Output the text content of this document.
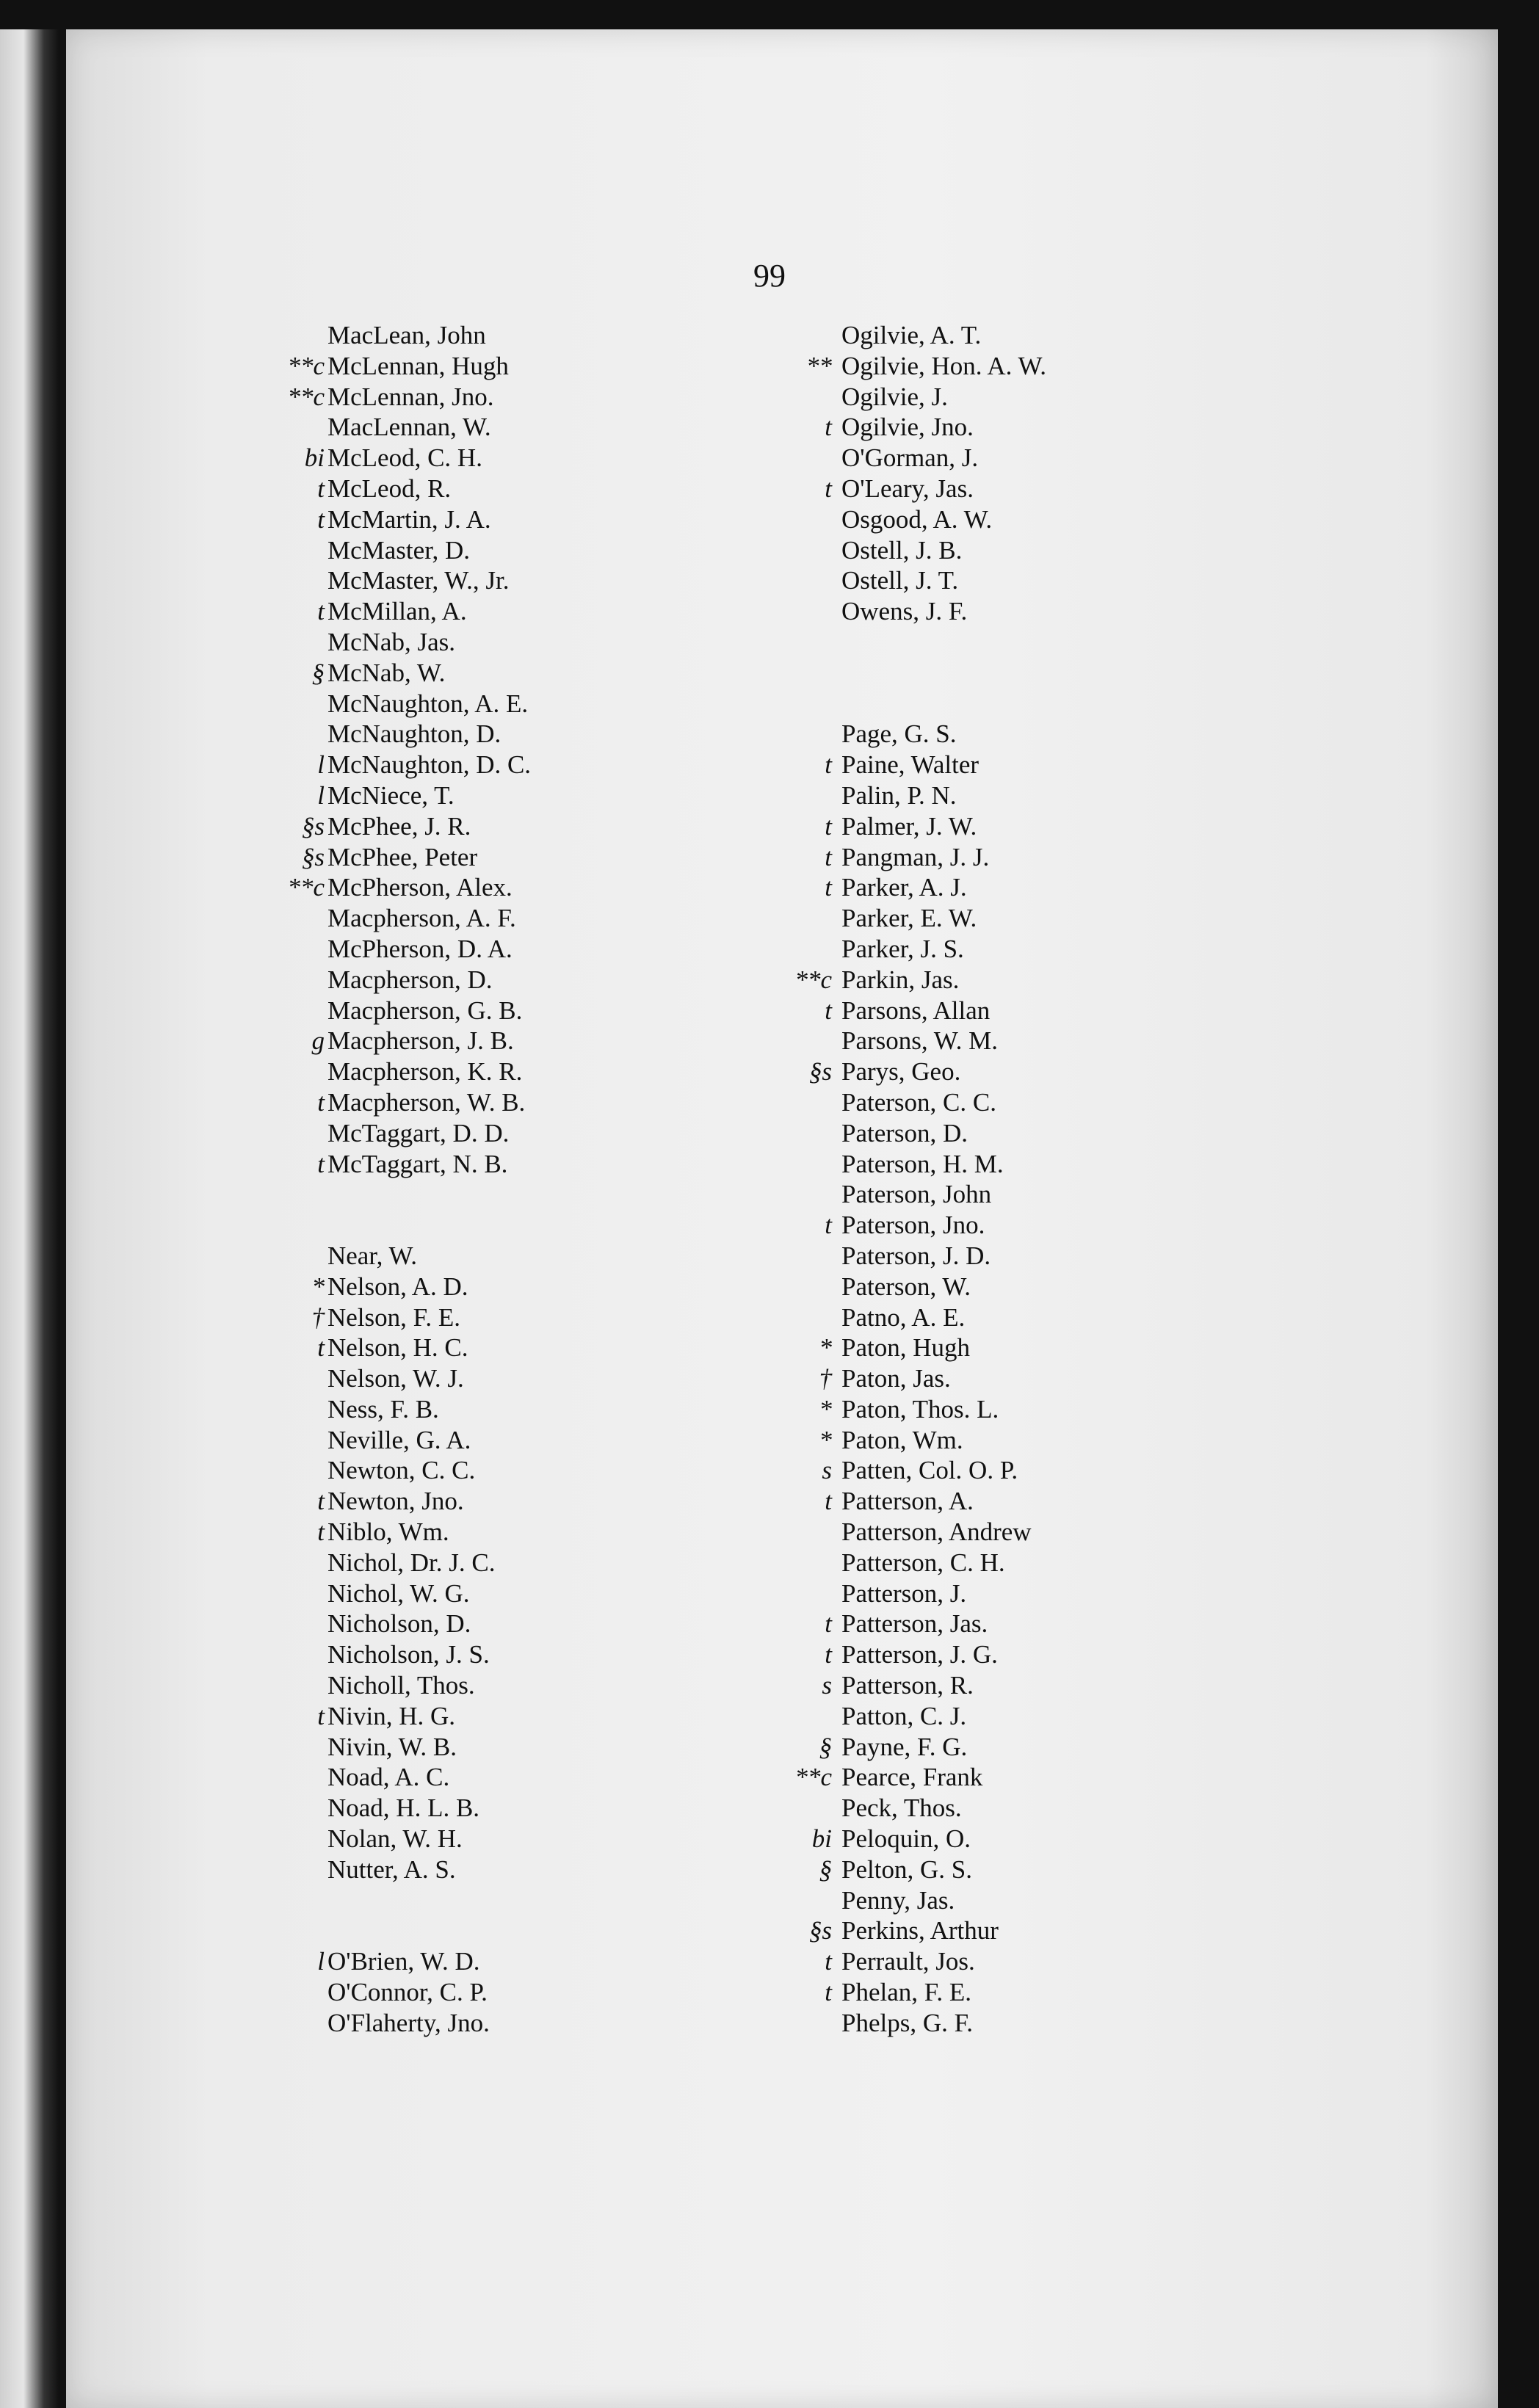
99
MacLean, John
**c McLennan, Hugh
**c McLennan, Jno.
MacLennan, W.
bi McLeod, C. H.
t McLeod, R.
t McMartin, J. A.
McMaster, D.
McMaster, W., Jr.
t McMillan, A.
McNab, Jas.
§ McNab, W.
McNaughton, A. E.
McNaughton, D.
l McNaughton, D. C.
l McNiece, T.
§s McPhee, J. R.
§s McPhee, Peter
**c McPherson, Alex.
Macpherson, A. F.
McPherson, D. A.
Macpherson, D.
Macpherson, G. B.
g Macpherson, J. B.
Macpherson, K. R.
t Macpherson, W. B.
McTaggart, D. D.
t McTaggart, N. B.
Near, W.
* Nelson, A. D.
† Nelson, F. E.
t Nelson, H. C.
Nelson, W. J.
Ness, F. B.
Neville, G. A.
Newton, C. C.
t Newton, Jno.
t Niblo, Wm.
Nichol, Dr. J. C.
Nichol, W. G.
Nicholson, D.
Nicholson, J. S.
Nicholl, Thos.
t Nivin, H. G.
Nivin, W. B.
Noad, A. C.
Noad, H. L. B.
Nolan, W. H.
Nutter, A. S.
l O'Brien, W. D.
O'Connor, C. P.
O'Flaherty, Jno.
Ogilvie, A. T.
** Ogilvie, Hon. A. W.
Ogilvie, J.
t Ogilvie, Jno.
O'Gorman, J.
t O'Leary, Jas.
Osgood, A. W.
Ostell, J. B.
Ostell, J. T.
Owens, J. F.
Page, G. S.
t Paine, Walter
Palin, P. N.
t Palmer, J. W.
t Pangman, J. J.
t Parker, A. J.
Parker, E. W.
Parker, J. S.
**c Parkin, Jas.
t Parsons, Allan
Parsons, W. M.
§s Parys, Geo.
Paterson, C. C.
Paterson, D.
Paterson, H. M.
Paterson, John
t Paterson, Jno.
Paterson, J. D.
Paterson, W.
Patno, A. E.
* Paton, Hugh
† Paton, Jas.
* Paton, Thos. L.
* Paton, Wm.
s Patten, Col. O. P.
t Patterson, A.
Patterson, Andrew
Patterson, C. H.
Patterson, J.
t Patterson, Jas.
t Patterson, J. G.
s Patterson, R.
Patton, C. J.
§ Payne, F. G.
**c Pearce, Frank
Peck, Thos.
bi Peloquin, O.
§ Pelton, G. S.
Penny, Jas.
§s Perkins, Arthur
t Perrault, Jos.
t Phelan, F. E.
Phelps, G. F.
